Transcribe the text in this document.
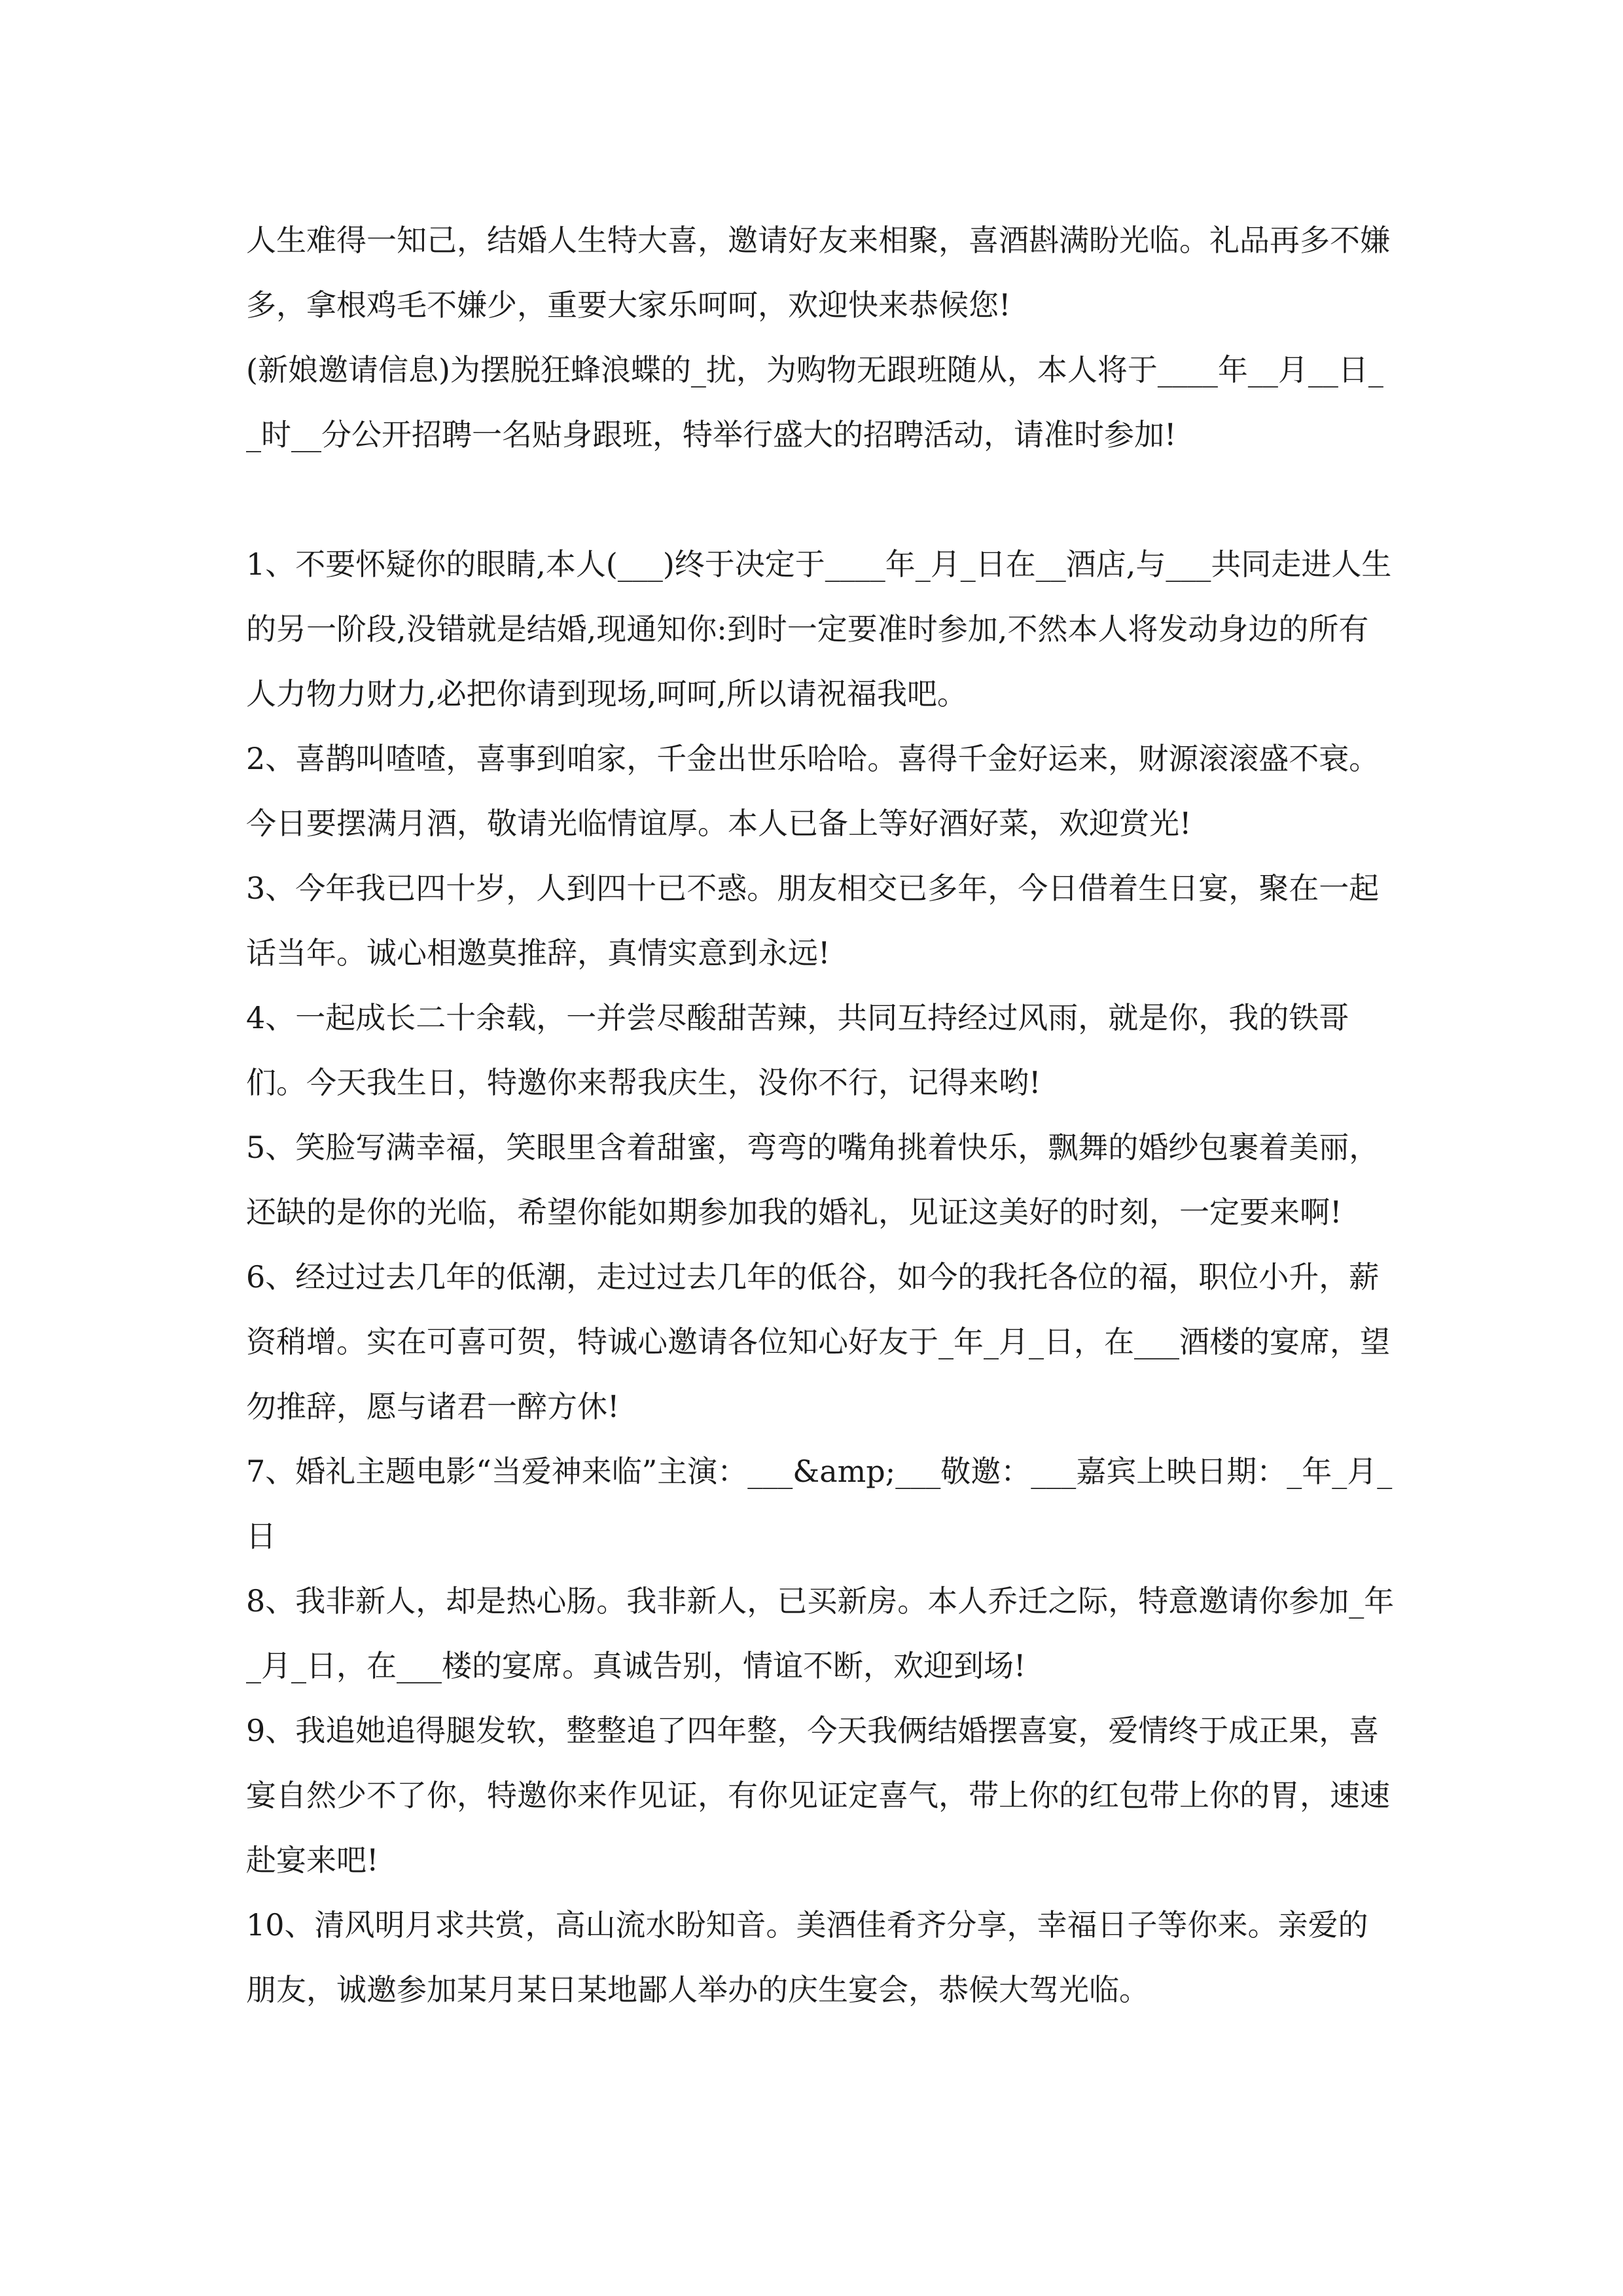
人生难得一知己，结婚人生特大喜，邀请好友来相聚，喜酒斟满盼光临。礼品再多不嫌多，拿根鸡毛不嫌少，重要大家乐呵呵，欢迎快来恭候您!

(新娘邀请信息)为摆脱狂蜂浪蝶的_扰，为购物无跟班随从，本人将于____年__月__日__时__分公开招聘一名贴身跟班，特举行盛大的招聘活动，请准时参加!

1、不要怀疑你的眼睛,本人(___)终于决定于____年_月_日在__酒店,与___共同走进人生的另一阶段,没错就是结婚,现通知你:到时一定要准时参加,不然本人将发动身边的所有人力物力财力,必把你请到现场,呵呵,所以请祝福我吧。

2、喜鹊叫喳喳，喜事到咱家，千金出世乐哈哈。喜得千金好运来，财源滚滚盛不衰。今日要摆满月酒，敬请光临情谊厚。本人已备上等好酒好菜，欢迎赏光!

3、今年我已四十岁，人到四十已不惑。朋友相交已多年，今日借着生日宴，聚在一起话当年。诚心相邀莫推辞，真情实意到永远!

4、一起成长二十余载，一并尝尽酸甜苦辣，共同互持经过风雨，就是你，我的铁哥们。今天我生日，特邀你来帮我庆生，没你不行，记得来哟!

5、笑脸写满幸福，笑眼里含着甜蜜，弯弯的嘴角挑着快乐，飘舞的婚纱包裹着美丽，还缺的是你的光临，希望你能如期参加我的婚礼，见证这美好的时刻，一定要来啊!

6、经过过去几年的低潮，走过过去几年的低谷，如今的我托各位的福，职位小升，薪资稍增。实在可喜可贺，特诚心邀请各位知心好友于_年_月_日，在___酒楼的宴席，望勿推辞，愿与诸君一醉方休!

7、婚礼主题电影“当爱神来临”主演：___&amp;___敬邀：___嘉宾上映日期：_年_月_日

8、我非新人，却是热心肠。我非新人，已买新房。本人乔迁之际，特意邀请你参加_年_月_日，在___楼的宴席。真诚告别，情谊不断，欢迎到场!

9、我追她追得腿发软，整整追了四年整，今天我俩结婚摆喜宴，爱情终于成正果，喜宴自然少不了你，特邀你来作见证，有你见证定喜气，带上你的红包带上你的胃，速速赴宴来吧!

10、清风明月求共赏，高山流水盼知音。美酒佳肴齐分享，幸福日子等你来。亲爱的朋友，诚邀参加某月某日某地鄙人举办的庆生宴会，恭候大驾光临。
